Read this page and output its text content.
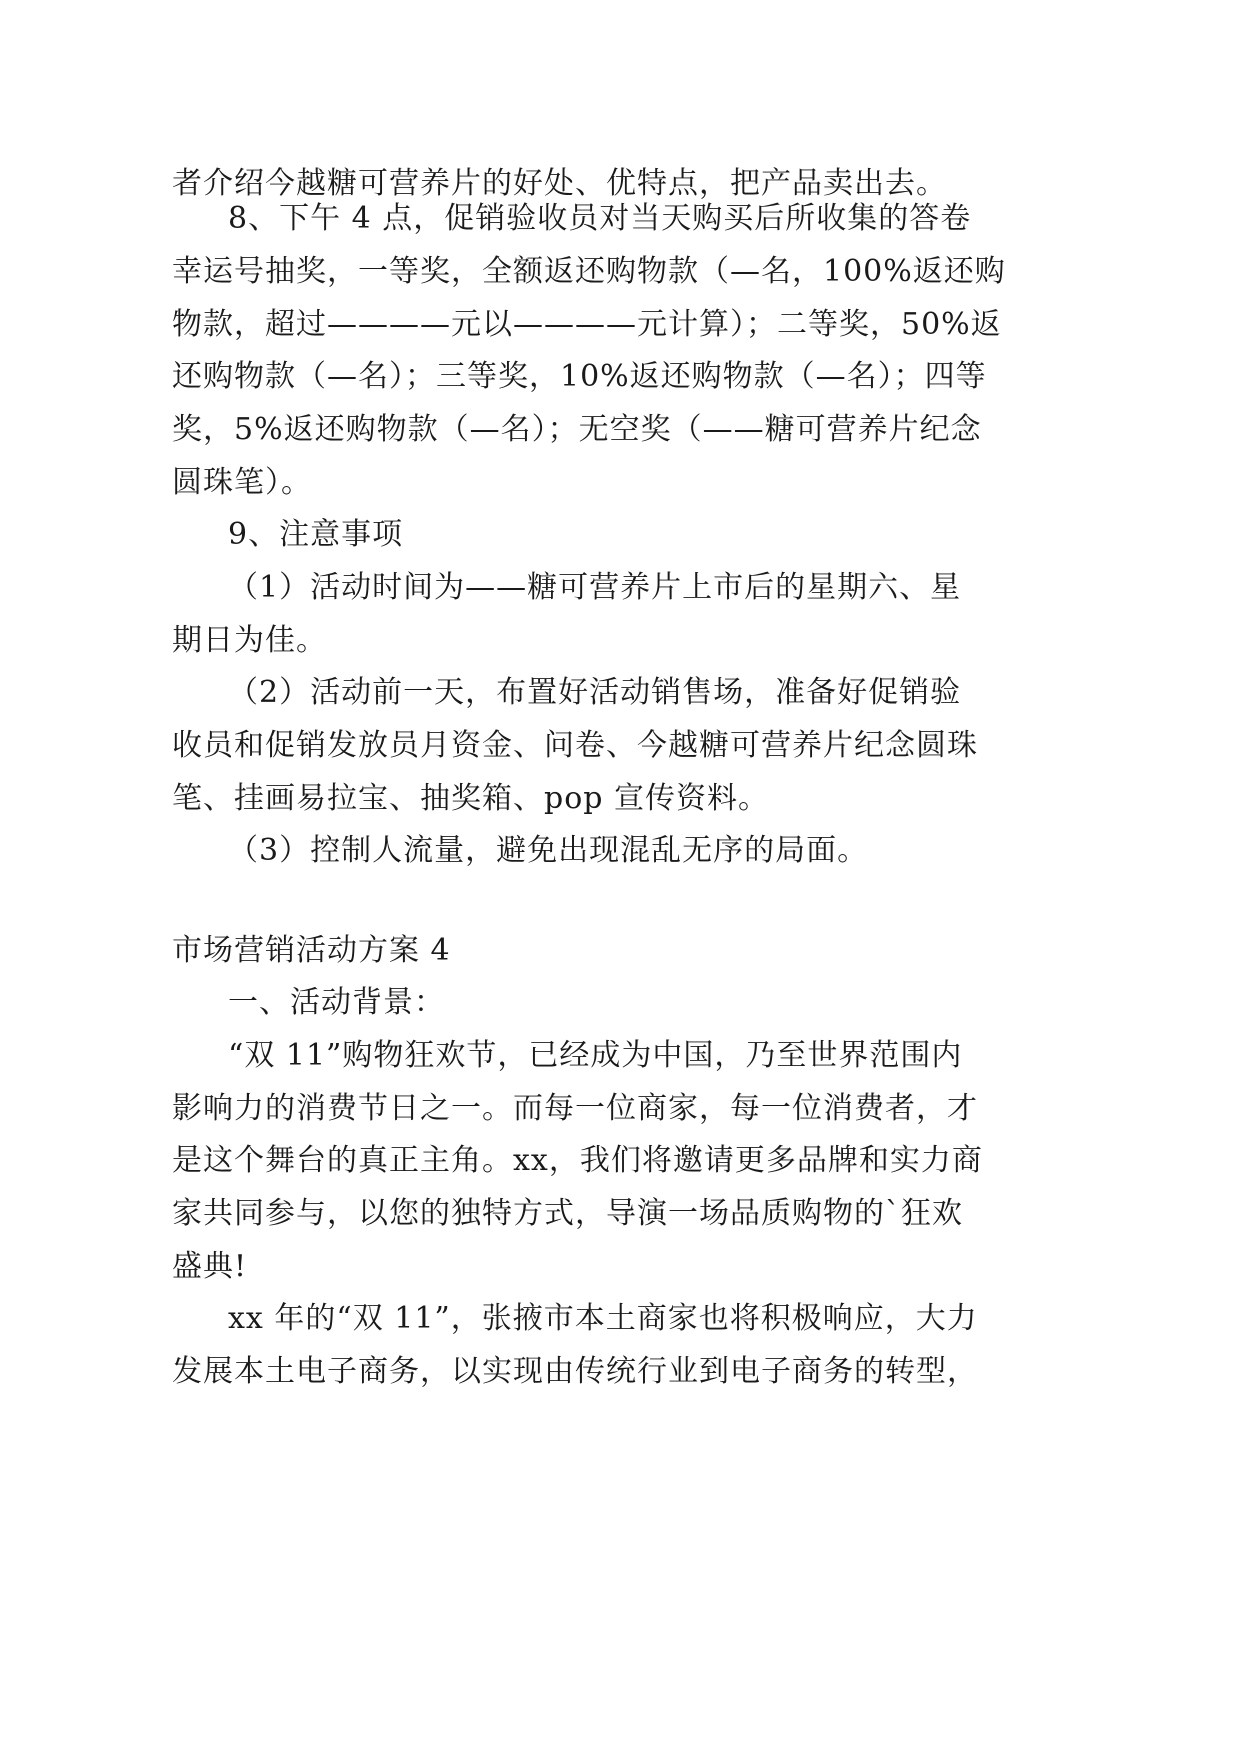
者介绍今越糖可营养片的好处、优特点，把产品卖出去。
8、下午 4 点，促销验收员对当天购买后所收集的答卷
幸运号抽奖，一等奖，全额返还购物款（—名，100%返还购
物款，超过————元以————元计算）；二等奖，50%返
还购物款（—名）；三等奖，10%返还购物款（—名）；四等
奖，5%返还购物款（—名）；无空奖（——糖可营养片纪念
圆珠笔）。
9、注意事项
（1）活动时间为——糖可营养片上市后的星期六、星
期日为佳。
（2）活动前一天，布置好活动销售场，准备好促销验
收员和促销发放员月资金、问卷、今越糖可营养片纪念圆珠
笔、挂画易拉宝、抽奖箱、pop 宣传资料。
（3）控制人流量，避免出现混乱无序的局面。
市场营销活动方案 4
一、活动背景：
“双 11”购物狂欢节，已经成为中国，乃至世界范围内
影响力的消费节日之一。而每一位商家，每一位消费者，才
是这个舞台的真正主角。xx，我们将邀请更多品牌和实力商
家共同参与，以您的独特方式，导演一场品质购物的`狂欢
盛典!
xx 年的“双 11”，张掖市本土商家也将积极响应，大力
发展本土电子商务，以实现由传统行业到电子商务的转型，
